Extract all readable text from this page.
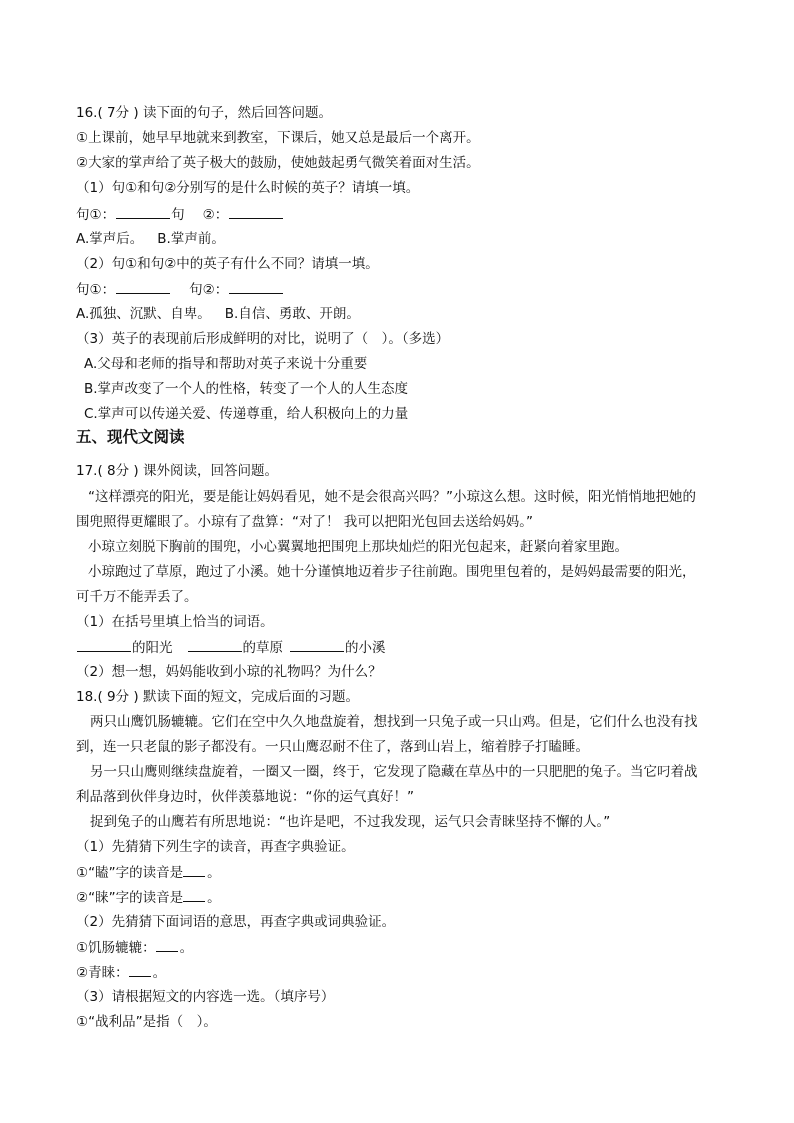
16.( 7分 ) 读下面的句子，然后回答问题。
①上课前，她早早地就来到教室，下课后，她又总是最后一个离开。
②大家的掌声给了英子极大的鼓励，使她鼓起勇气微笑着面对生活。
（1）句①和句②分别写的是什么时候的英子？请填一填。
句①：	句 ②：
A.掌声后。 B.掌声前。
（2）句①和句②中的英子有什么不同？请填一填。
句①：	句②：
A.孤独、沉默、自卑。 B.自信、勇敢、开朗。
（3）英子的表现前后形成鲜明的对比，说明了（　）。（多选）
A.父母和老师的指导和帮助对英子来说十分重要
B.掌声改变了一个人的性格，转变了一个人的人生态度
C.掌声可以传递关爱、传递尊重，给人积极向上的力量
五、现代文阅读
17.( 8分 ) 课外阅读，回答问题。
“这样漂亮的阳光，要是能让妈妈看见，她不是会很高兴吗？”小琼这么想。这时候，阳光悄悄地把她的
围兜照得更耀眼了。小琼有了盘算：“对了！ 我可以把阳光包回去送给妈妈。”
小琼立刻脱下胸前的围兜，小心翼翼地把围兜上那块灿烂的阳光包起来，赶紧向着家里跑。
小琼跑过了草原，跑过了小溪。她十分谨慎地迈着步子往前跑。围兜里包着的，是妈妈最需要的阳光，
可千万不能弄丢了。
（1）在括号里填上恰当的词语。
的阳光	的草原	的小溪
（2）想一想，妈妈能收到小琼的礼物吗？为什么？
18.( 9分 ) 默读下面的短文，完成后面的习题。
两只山鹰饥肠辘辘。它们在空中久久地盘旋着，想找到一只兔子或一只山鸡。但是，它们什么也没有找
到，连一只老鼠的影子都没有。一只山鹰忍耐不住了，落到山岩上，缩着脖子打瞌睡。
另一只山鹰则继续盘旋着，一圈又一圈，终于，它发现了隐藏在草丛中的一只肥肥的兔子。当它叼着战
利品落到伙伴身边时，伙伴羡慕地说：“你的运气真好！”
捉到兔子的山鹰若有所思地说：“也许是吧，不过我发现，运气只会青睐坚持不懈的人。”
（1）先猜猜下列生字的读音，再查字典验证。
①“瞌”字的读音是 。
②“睐”字的读音是 。
（2）先猜猜下面词语的意思，再查字典或词典验证。
①饥肠辘辘： 。
②青睐： 。
（3）请根据短文的内容选一选。（填序号）
①“战利品”是指（　）。
